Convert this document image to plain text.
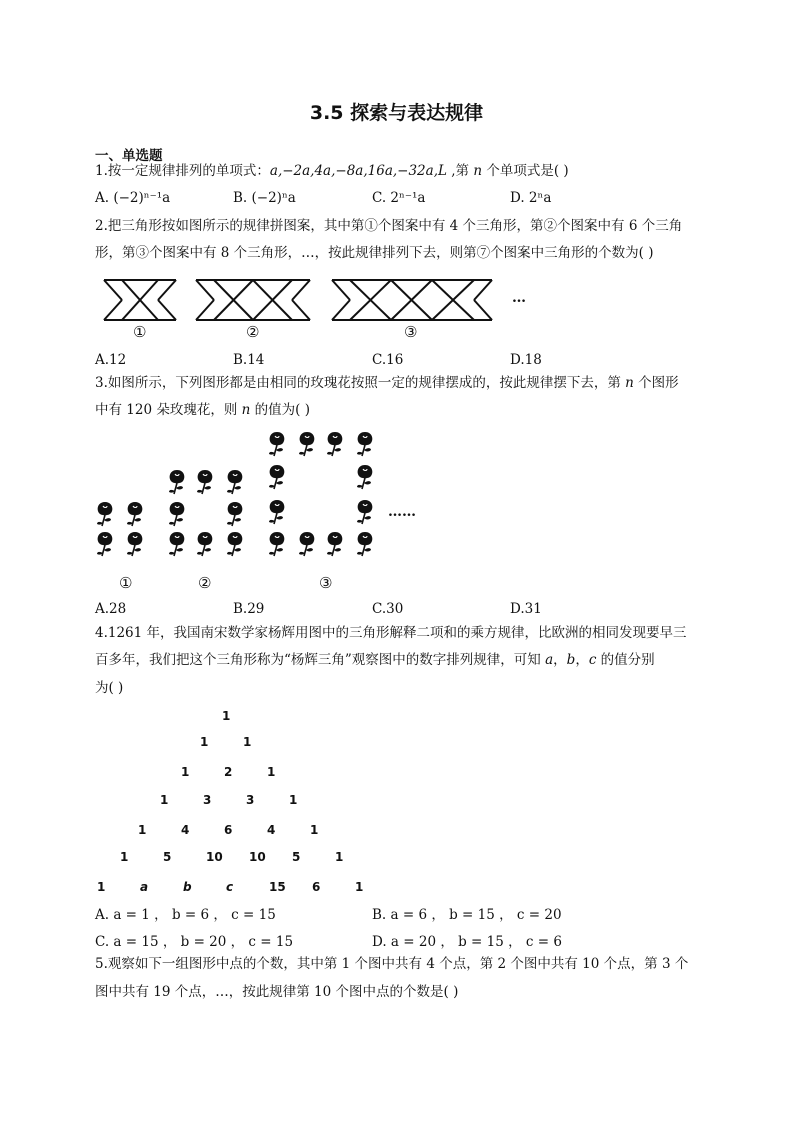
3.5 探索与表达规律
一、单选题
1.按一定规律排列的单项式：a,−2a,4a,−8a,16a,−32a,L ,第 n 个单项式是( )
A. (−2)ⁿ⁻¹a	B. (−2)ⁿa	C. 2ⁿ⁻¹a	D. 2ⁿa
2.把三角形按如图所示的规律拼图案，其中第①个图案中有 4 个三角形，第②个图案中有 6 个三角
形，第③个图案中有 8 个三角形，…，按此规律排列下去，则第⑦个图案中三角形的个数为( )
①	②	③
…
A.12	B.14	C.16	D.18
3.如图所示，下列图形都是由相同的玫瑰花按照一定的规律摆成的，按此规律摆下去，第 n 个图形
中有 120 朵玫瑰花，则 n 的值为( )
①	②	③
……
A.28	B.29	C.30	D.31
4.1261 年，我国南宋数学家杨辉用图中的三角形解释二项和的乘方规律，比欧洲的相同发现要早三
百多年，我们把这个三角形称为“杨辉三角”观察图中的数字排列规律，可知 a，b，c 的值分别
为( )
1
1	1
1	2	1
1	3	3	1
1	4	6	4	1
1	5	10 10 5	1
1	a	b	c	15 6	1
A. a = 1 ， b = 6 ， c = 15	B. a = 6 ， b = 15 ， c = 20
C. a = 15 ， b = 20 ， c = 15	D. a = 20 ， b = 15 ， c = 6
5.观察如下一组图形中点的个数，其中第 1 个图中共有 4 个点，第 2 个图中共有 10 个点，第 3 个
图中共有 19 个点，…，按此规律第 10 个图中点的个数是( )
